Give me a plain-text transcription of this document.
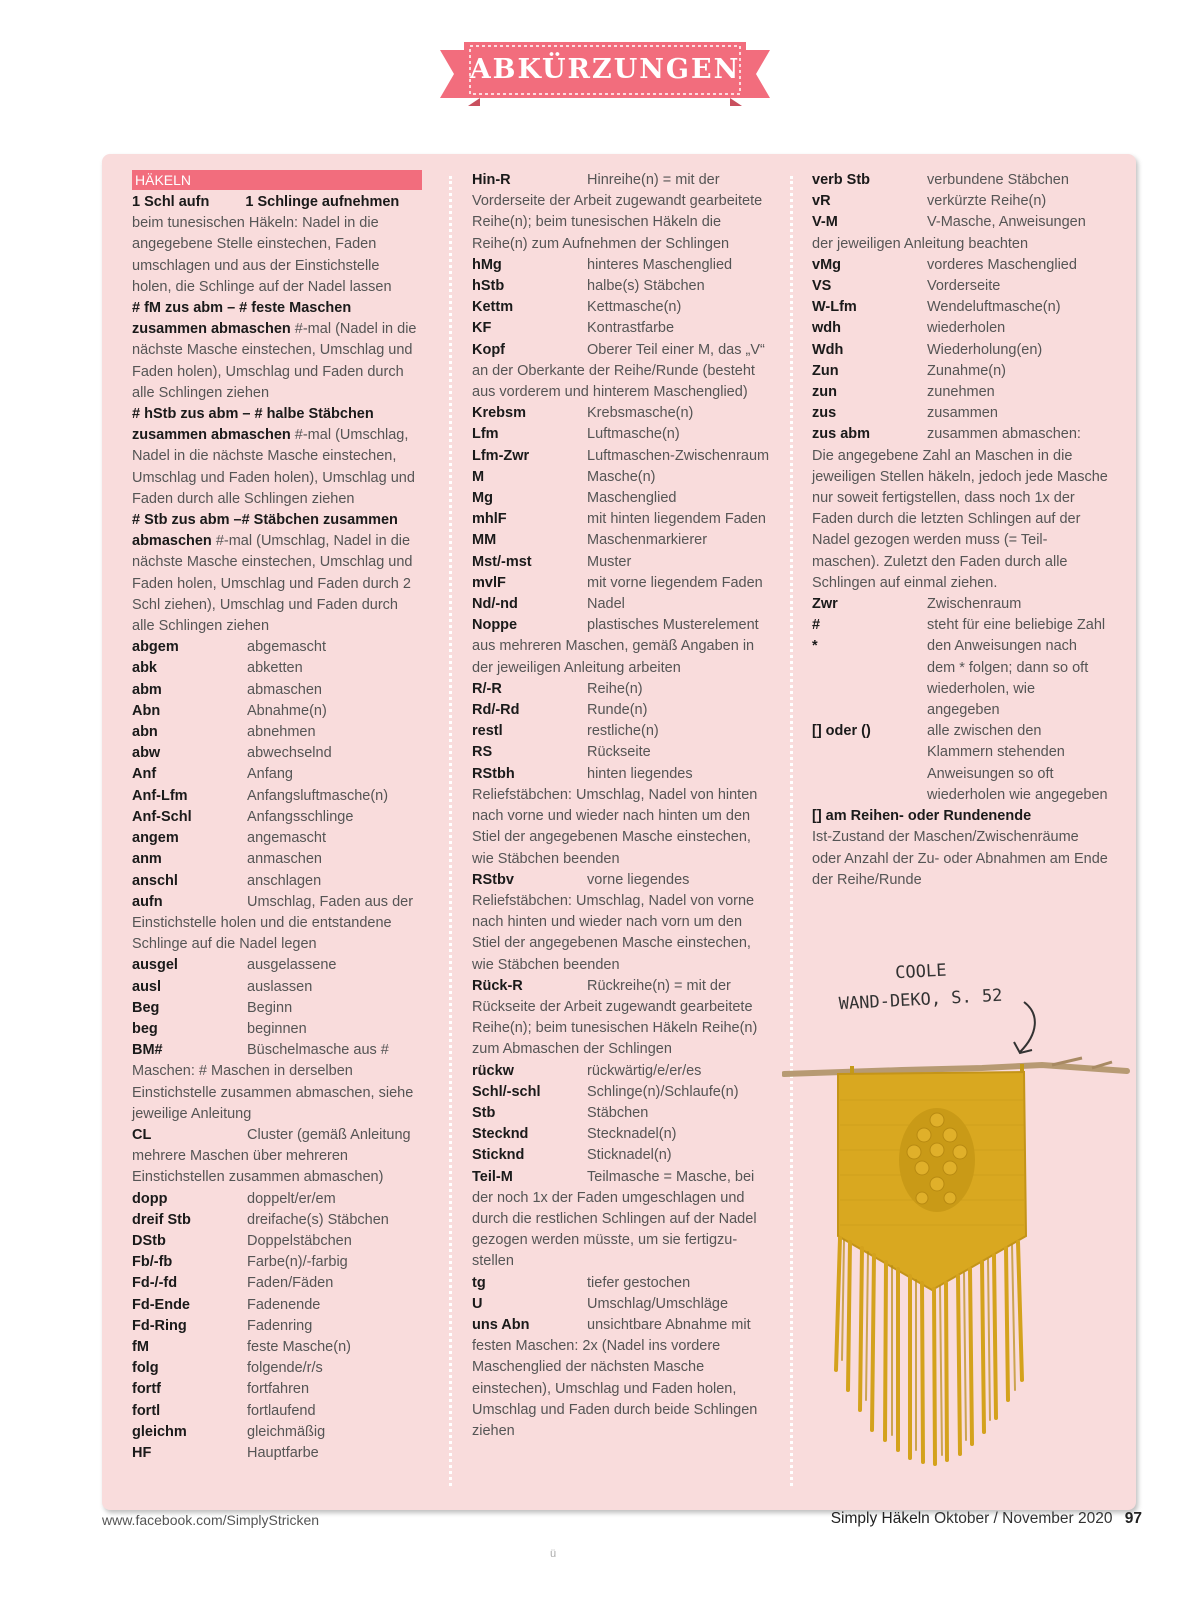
ABKÜRZUNGEN
HÄKELN
1 Schl aufn 1 Schlinge aufnehmen
beim tunesischen Häkeln: Nadel in die angegebene Stelle einstechen, Faden umschlagen und aus der Einstichstelle holen, die Schlinge auf der Nadel lassen
# fM zus abm – # feste Maschen zusammen abmaschen #-mal (Nadel in die nächste Masche einstechen, Umschlag und Faden holen), Umschlag und Faden durch alle Schlingen ziehen
# hStb zus abm – # halbe Stäbchen zusammen abmaschen #-mal (Umschlag, Nadel in die nächste Masche einstechen, Umschlag und Faden holen), Umschlag und Faden durch alle Schlingen ziehen
# Stb zus abm –# Stäbchen zusammen abmaschen #-mal (Umschlag, Nadel in die nächste Masche einstechen, Umschlag und Faden holen, Umschlag und Faden durch 2 Schl ziehen), Umschlag und Faden durch alle Schlingen ziehen
abgem	abgemascht
abk	abketten
abm	abmaschen
Abn	Abnahme(n)
abn	abnehmen
abw	abwechselnd
Anf	Anfang
Anf-Lfm	Anfangsluftmasche(n)
Anf-Schl	Anfangsschlinge
angem	angemascht
anm	anmaschen
anschl	anschlagen
aufn	Umschlag, Faden aus der
Einstichstelle holen und die entstandene Schlinge auf die Nadel legen
ausgel	ausgelassene
ausl	auslassen
Beg	Beginn
beg	beginnen
BM#	Büschelmasche aus #
Maschen: # Maschen in derselben Einstichstelle zusammen abmaschen, siehe jeweilige Anleitung
CL	Cluster (gemäß Anleitung
mehrere Maschen über mehreren Einstichstellen zusammen abmaschen)
dopp	doppelt/er/em
dreif Stb	dreifache(s) Stäbchen
DStb	Doppelstäbchen
Fb/-fb	Farbe(n)/-farbig
Fd-/-fd	Faden/Fäden
Fd-Ende	Fadenende
Fd-Ring	Fadenring
fM	feste Masche(n)
folg	folgende/r/s
fortf	fortfahren
fortl	fortlaufend
gleichm	gleichmäßig
HF	Hauptfarbe
Hin-R	Hinreihe(n) = mit der
Vorderseite der Arbeit zugewandt gearbeitete Reihe(n); beim tunesischen Häkeln die Reihe(n) zum Aufnehmen der Schlingen
hMg	hinteres Maschenglied
hStb	halbe(s) Stäbchen
Kettm	Kettmasche(n)
KF	Kontrastfarbe
Kopf	Oberer Teil einer M, das „V“
an der Oberkante der Reihe/Runde (besteht aus vorderem und hinterem Maschenglied)
Krebsm	Krebsmasche(n)
Lfm	Luftmasche(n)
Lfm-Zwr	Luftmaschen-Zwischenraum
M	Masche(n)
Mg	Maschenglied
mhlF	mit hinten liegendem Faden
MM	Maschenmarkierer
Mst/-mst	Muster
mvlF	mit vorne liegendem Faden
Nd/-nd	Nadel
Noppe	plastisches Musterelement
aus mehreren Maschen, gemäß Angaben in der jeweiligen Anleitung arbeiten
R/-R	Reihe(n)
Rd/-Rd	Runde(n)
restl	restliche(n)
RS	Rückseite
RStbh	hinten liegendes
Reliefstäbchen: Umschlag, Nadel von hinten nach vorne und wieder nach hinten um den Stiel der angegebenen Masche einstechen, wie Stäbchen beenden
RStbv	vorne liegendes
Reliefstäbchen: Umschlag, Nadel von vorne nach hinten und wieder nach vorn um den Stiel der angegebenen Masche einstechen, wie Stäbchen beenden
Rück-R	Rückreihe(n) = mit der
Rückseite der Arbeit zugewandt gearbeitete Reihe(n); beim tunesischen Häkeln Reihe(n) zum Abmaschen der Schlingen
rückw	rückwärtig/e/er/es
Schl/-schl	Schlinge(n)/Schlaufe(n)
Stb	Stäbchen
Stecknd	Stecknadel(n)
Sticknd	Sticknadel(n)
Teil-M	Teilmasche = Masche, bei
der noch 1x der Faden umgeschlagen und durch die restlichen Schlingen auf der Nadel gezogen werden müsste, um sie fertigzu-stellen
tg	tiefer gestochen
U	Umschlag/Umschläge
uns Abn	unsichtbare Abnahme mit
festen Maschen: 2x (Nadel ins vordere Maschenglied der nächsten Masche einstechen), Umschlag und Faden holen, Umschlag und Faden durch beide Schlingen ziehen
verb Stb	verbundene Stäbchen
vR	verkürzte Reihe(n)
V-M	V-Masche, Anweisungen
der jeweiligen Anleitung beachten
vMg	vorderes Maschenglied
VS	Vorderseite
W-Lfm	Wendeluftmasche(n)
wdh	wiederholen
Wdh	Wiederholung(en)
Zun	Zunahme(n)
zun	zunehmen
zus	zusammen
zus abm	zusammen abmaschen:
Die angegebene Zahl an Maschen in die jeweiligen Stellen häkeln, jedoch jede Masche nur soweit fertigstellen, dass noch 1x der Faden durch die letzten Schlingen auf der Nadel gezogen werden muss (= Teil-maschen). Zuletzt den Faden durch alle Schlingen auf einmal ziehen.
Zwr	Zwischenraum
#	steht für eine beliebige Zahl
*	den Anweisungen nach dem * folgen; dann so oft wiederholen, wie angegeben
[] oder ()	alle zwischen den Klammern stehenden Anweisungen so oft wiederholen wie angegeben
[] am Reihen- oder Rundenende
Ist-Zustand der Maschen/Zwischenräume oder Anzahl der Zu- oder Abnahmen am Ende der Reihe/Runde
COOLE
WAND-DEKO, S. 52
www.facebook.com/SimplyStricken	Simply Häkeln Oktober / November 2020 97
ü
